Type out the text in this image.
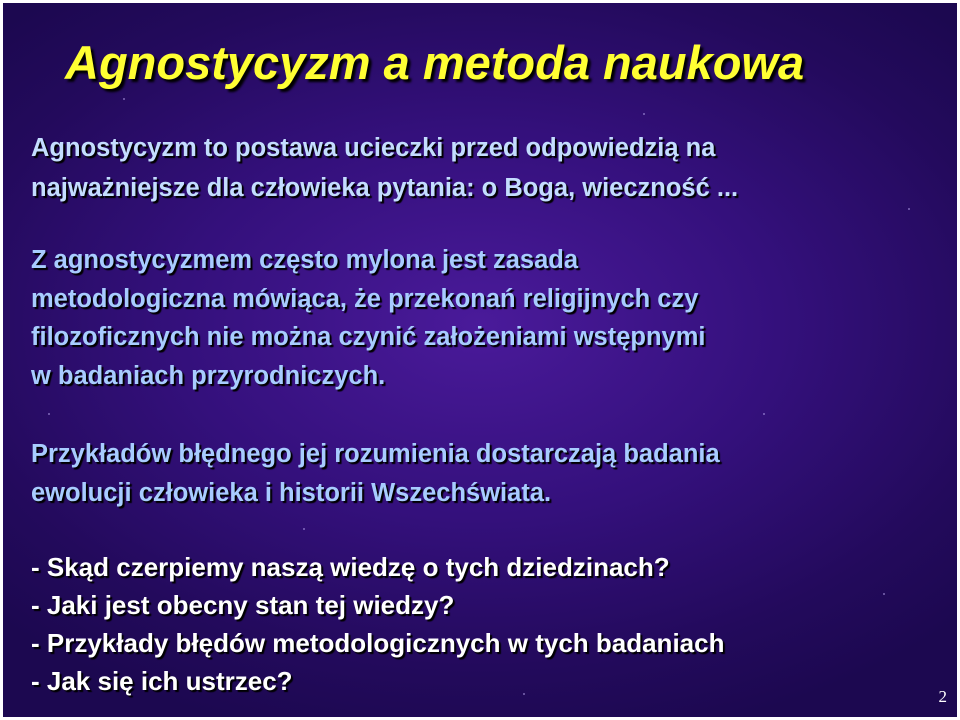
Agnostycyzm a metoda naukowa
Agnostycyzm to postawa ucieczki przed odpowiedzią na
najważniejsze dla człowieka pytania: o Boga, wieczność ...
Z agnostycyzmem często mylona jest zasada
metodologiczna mówiąca, że przekonań religijnych czy
filozoficznych nie można czynić założeniami wstępnymi
w badaniach przyrodniczych.
Przykładów błędnego jej rozumienia dostarczają badania
ewolucji człowieka i historii Wszechświata.
- Skąd czerpiemy naszą wiedzę o tych dziedzinach?
- Jaki jest obecny stan tej wiedzy?
- Przykłady błędów metodologicznych w tych badaniach
- Jak się ich ustrzec?
2
